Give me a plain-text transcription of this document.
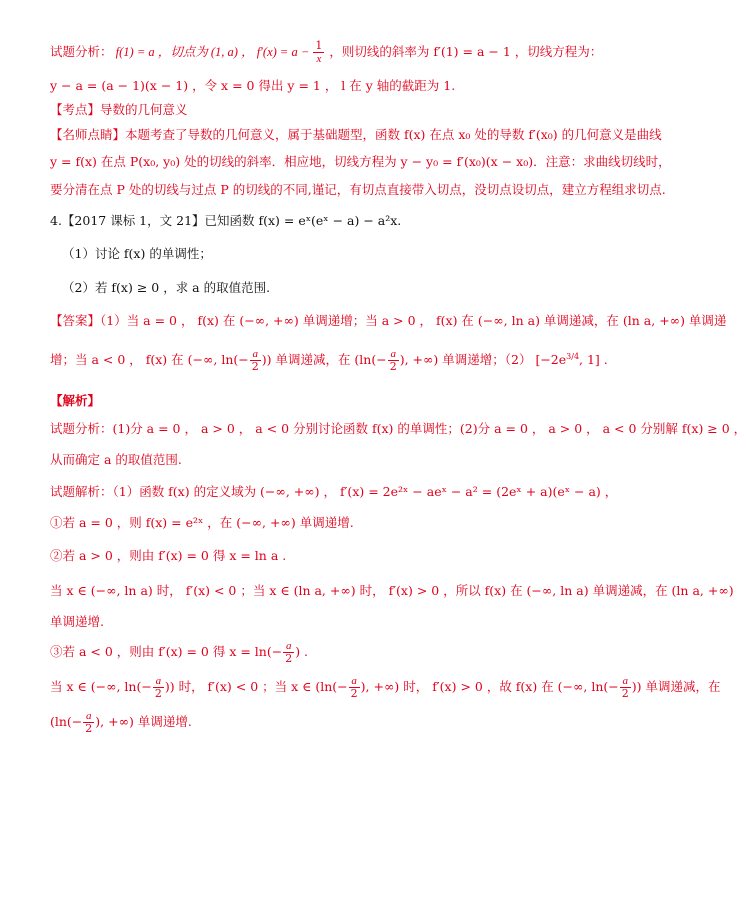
试题分析： f(1) = a ，切点为 (1, a) ， $f'(x) = a - \frac{1}{x}$ ，则切线的斜率为 f′(1) = a − 1 ，切线方程为：
y − a = (a − 1)(x − 1) ，令 x = 0 得出 y = 1 ， l 在 y 轴的截距为 1.
【考点】导数的几何意义
【名师点睛】本题考查了导数的几何意义，属于基础题型，函数 f(x) 在点 x₀ 处的导数 f′(x₀) 的几何意义是曲线
y = f(x) 在点 P(x₀, y₀) 处的切线的斜率．相应地，切线方程为 y − y₀ = f′(x₀)(x − x₀)．注意：求曲线切线时，
要分清在点 P 处的切线与过点 P 的切线的不同,谨记，有切点直接带入切点，没切点设切点，建立方程组求切点.
4.【2017 课标 1，文 21】已知函数 f(x) = eˣ(eˣ − a) − a²x.
（1）讨论 f(x) 的单调性；
（2）若 f(x) ≥ 0 ，求 a 的取值范围.
【答案】（1）当 a = 0 ， f(x) 在 (−∞, +∞) 单调递增；当 a > 0 ， f(x) 在 (−∞, ln a) 单调递减，在 (ln a, +∞) 单调递
增；当 a < 0 ， f(x) 在 (−∞, $\ln(- \frac{a}{2}$ )) 单调递减，在 ($\ln(- \frac{a}{2}$ ), +∞) 单调递增；（2） [$-2e^{3/4}$, 1] .
【解析】
试题分析：(1)分 a = 0 ， a > 0 ， a < 0 分别讨论函数 f(x) 的单调性；(2)分 a = 0 ， a > 0 ， a < 0 分别解 f(x) ≥ 0 ，
从而确定 a 的取值范围.
试题解析：（1）函数 f(x) 的定义域为 (−∞, +∞) ， f′(x) = 2e²ˣ − aeˣ − a² = (2eˣ + a)(eˣ − a) ，
①若 a = 0 ，则 f(x) = e²ˣ ，在 (−∞, +∞) 单调递增.
②若 a > 0 ，则由 f′(x) = 0 得 x = ln a .
当 x ∈ (−∞, ln a) 时， f′(x) < 0 ；当 x ∈ (ln a, +∞) 时， f′(x) > 0 ，所以 f(x) 在 (−∞, ln a) 单调递减，在 (ln a, +∞)
单调递增.
③若 a < 0 ，则由 f′(x) = 0 得 $x = \ln(- \frac{a}{2}$ ) .
当 x ∈ (−∞, $\ln(- \frac{a}{2}$ )) 时， f′(x) < 0 ；当 x ∈ ($\ln(- \frac{a}{2}$ ), +∞) 时， f′(x) > 0 ，故 f(x) 在 (−∞, $\ln(- \frac{a}{2}$ )) 单调递减，在
($\ln(- \frac{a}{2}$ ), +∞) 单调递增.
